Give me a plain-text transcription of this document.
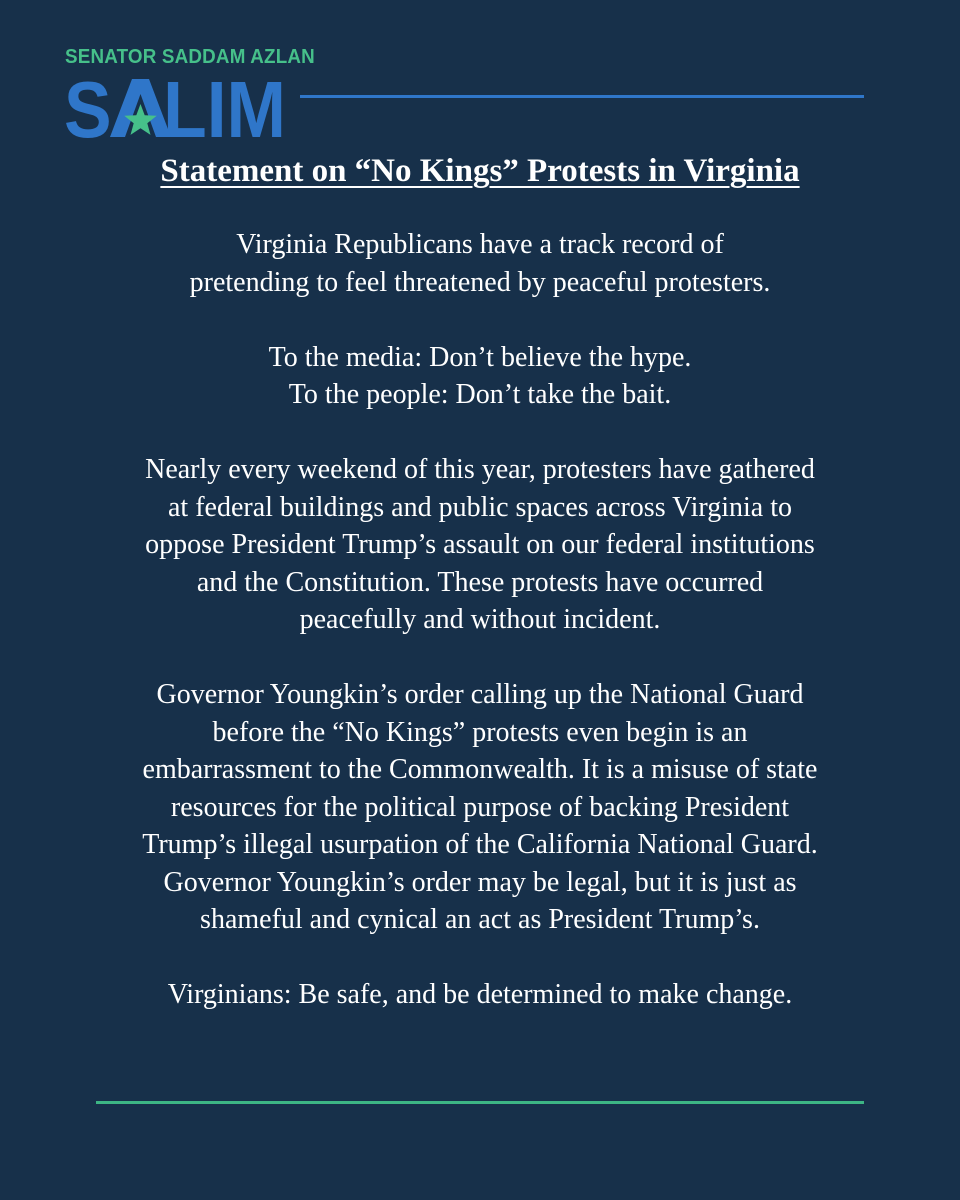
SENATOR SADDAM AZLAN
SALIM
Statement on “No Kings” Protests in Virginia
Virginia Republicans have a track record of
pretending to feel threatened by peaceful protesters.
To the media: Don’t believe the hype.
To the people: Don’t take the bait.
Nearly every weekend of this year, protesters have gathered
at federal buildings and public spaces across Virginia to
oppose President Trump’s assault on our federal institutions
and the Constitution. These protests have occurred
peacefully and without incident.
Governor Youngkin’s order calling up the National Guard
before the “No Kings” protests even begin is an
embarrassment to the Commonwealth. It is a misuse of state
resources for the political purpose of backing President
Trump’s illegal usurpation of the California National Guard.
Governor Youngkin’s order may be legal, but it is just as
shameful and cynical an act as President Trump’s.
Virginians: Be safe, and be determined to make change.
